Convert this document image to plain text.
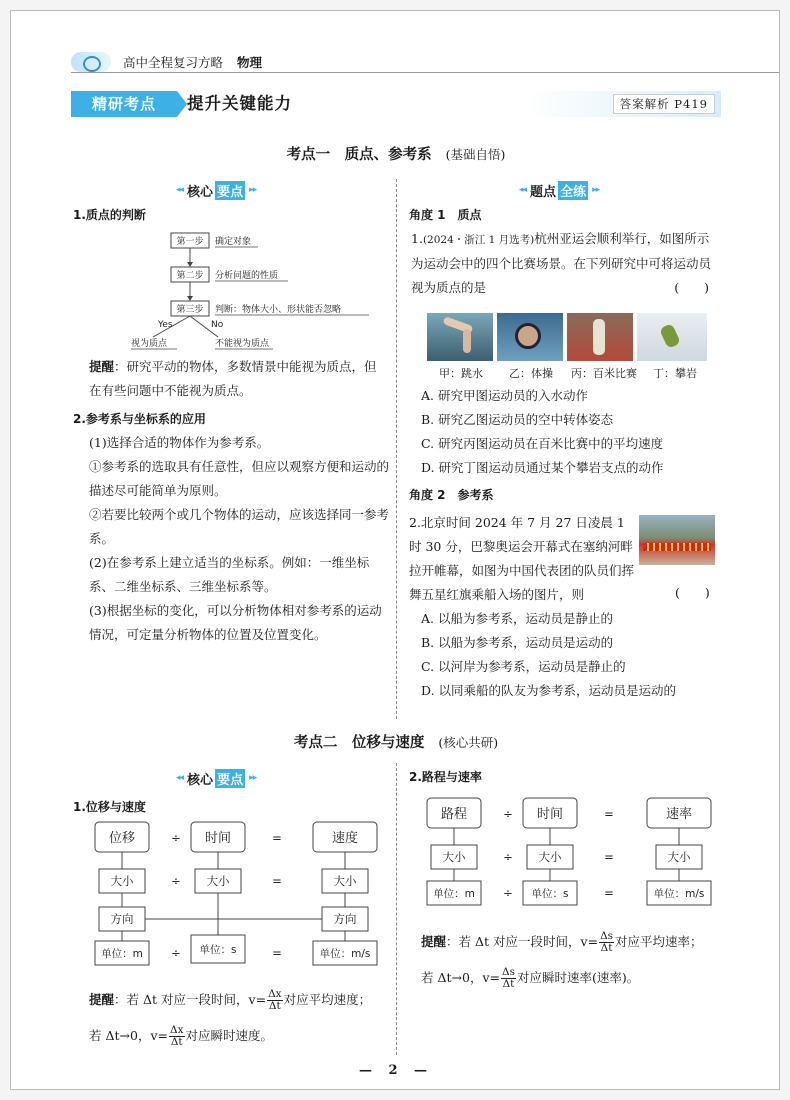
高中全程复习方略 物理
精研考点	提升关键能力	答案解析 P419
考点一　质点、参考系 (基础自悟)
◂◂ 核心 要点 ▸▸	◂◂ 题点 全练 ▸▸
1.质点的判断
第一步 确定对象
第二步 分析问题的性质
第三步 判断：物体大小、形状能否忽略
Yes	No
视为质点	不能视为质点
提醒：研究平动的物体，多数情景中能视为质点，但在有些问题中不能视为质点。
2.参考系与坐标系的应用
(1)选择合适的物体作为参考系。
①参考系的选取具有任意性，但应以观察方便和运动的描述尽可能简单为原则。
②若要比较两个或几个物体的运动，应该选择同一参考系。
(2)在参考系上建立适当的坐标系。例如：一维坐标系、二维坐标系、三维坐标系等。
(3)根据坐标的变化，可以分析物体相对参考系的运动情况，可定量分析物体的位置及位置变化。
角度 1　质点
1.(2024・浙江 1 月选考)杭州亚运会顺利举行，如图所示为运动会中的四个比赛场景。在下列研究中可将运动员视为质点的是	(　　)
甲：跳水	乙：体操	丙：百米比赛	丁：攀岩
A. 研究甲图运动员的入水动作
B. 研究乙图运动员的空中转体姿态
C. 研究丙图运动员在百米比赛中的平均速度
D. 研究丁图运动员通过某个攀岩支点的动作
角度 2　参考系
2.北京时间 2024 年 7 月 27 日凌晨 1 时 30 分，巴黎奥运会开幕式在塞纳河畔拉开帷幕，如图为中国代表团的队员们挥舞五星红旗乘船入场的图片，则	(　　)
A. 以船为参考系，运动员是静止的
B. 以船为参考系，运动员是运动的
C. 以河岸为参考系，运动员是静止的
D. 以同乘船的队友为参考系，运动员是运动的
考点二　位移与速度 (核心共研)
◂◂ 核心 要点 ▸▸
1.位移与速度
2.路程与速率
位移	÷ 时间	=	速度
大小	÷ 大小	=	大小
方向	方向
单位：m ÷ 单位：s	=	单位：m/s
提醒：若 Δt 对应一段时间，$v= \frac{\Delta x}{\Delta t}$ 对应平均速度；
若 Δt→0，$v= \frac{\Delta x}{\Delta t}$ 对应瞬时速度。
路程	÷ 时间	=	速率
大小	÷ 大小	=	大小
单位：m ÷ 单位：s	=	单位：m/s
提醒：若 Δt 对应一段时间，$v= \frac{\Delta s}{\Delta t}$ 对应平均速率；
若 Δt→0，$v= \frac{\Delta s}{\Delta t}$ 对应瞬时速率(速率)。
— 2 —
